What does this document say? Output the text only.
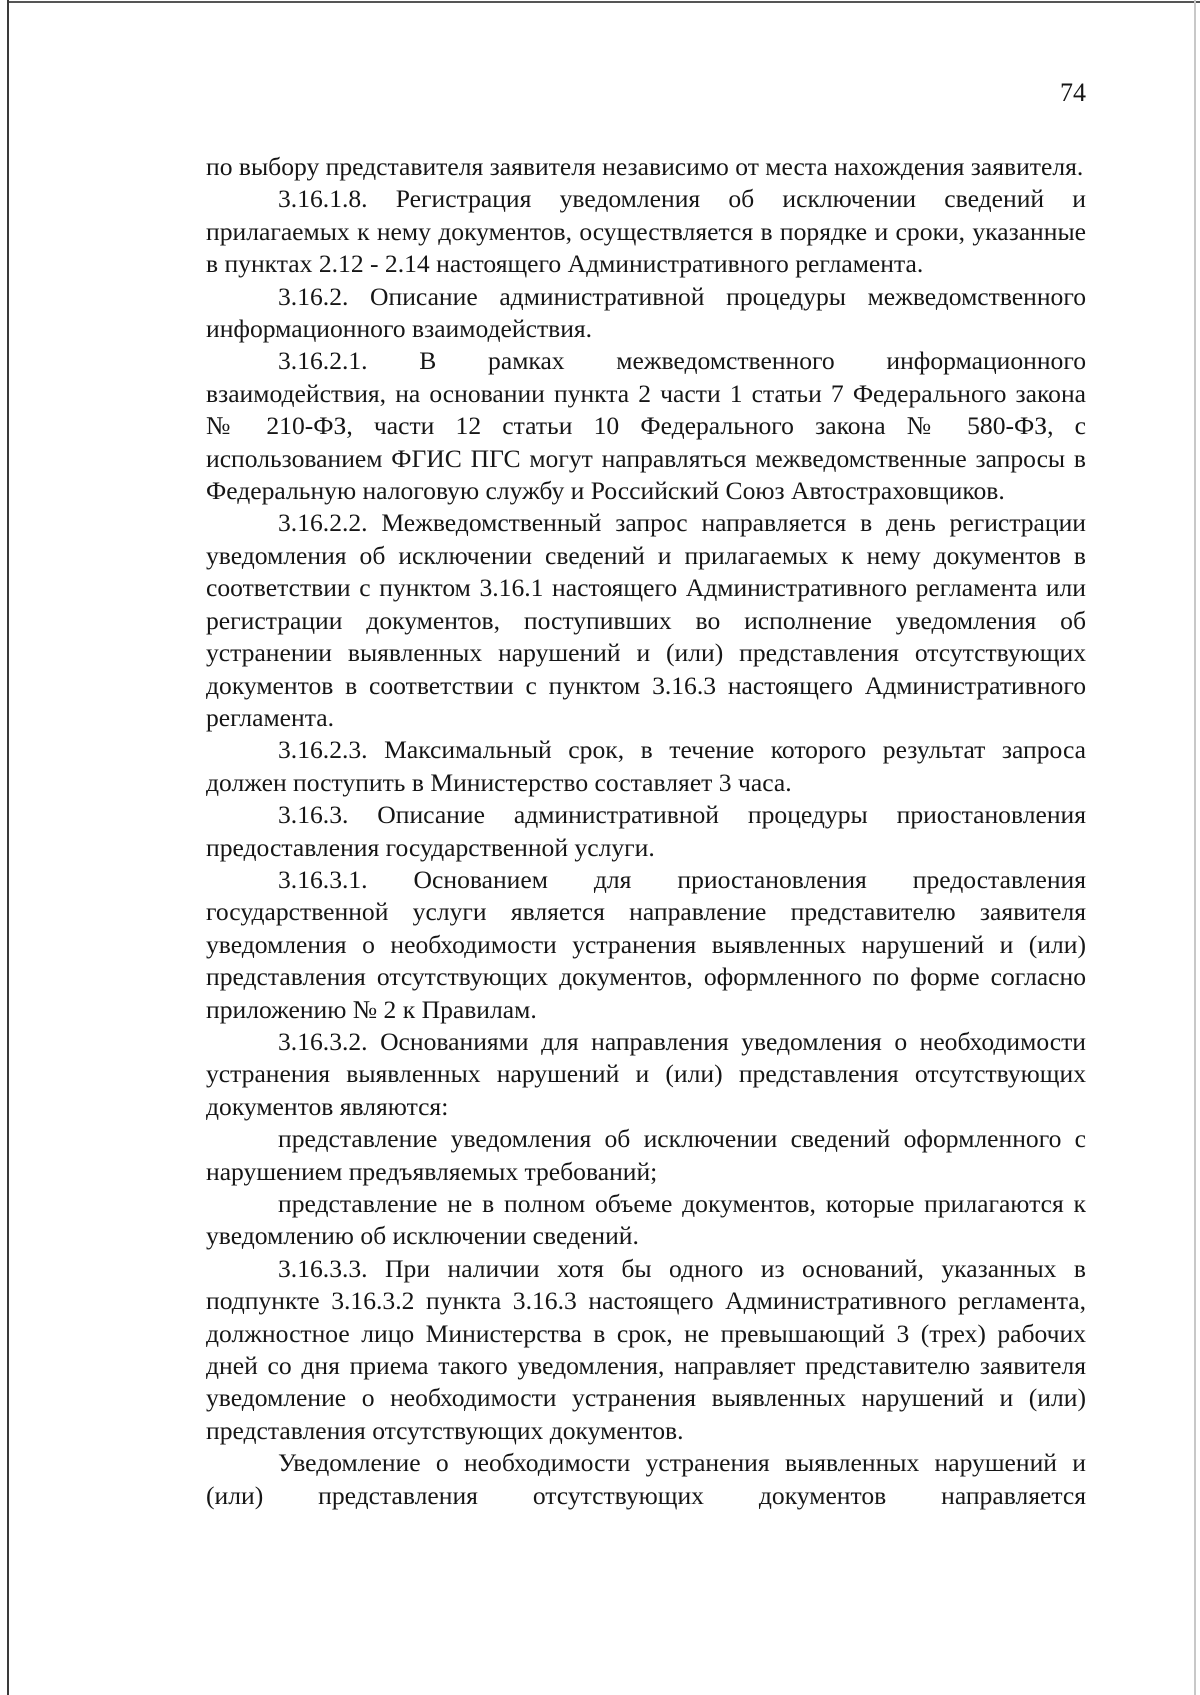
74

по выбору представителя заявителя независимо от места нахождения заявителя.

3.16.1.8. Регистрация уведомления об исключении сведений и прилагаемых к нему документов, осуществляется в порядке и сроки, указанные в пунктах 2.12 - 2.14 настоящего Административного регламента.

3.16.2. Описание административной процедуры межведомственного информационного взаимодействия.

3.16.2.1. В рамках межведомственного информационного взаимодействия, на основании пункта 2 части 1 статьи 7 Федерального закона № 210-ФЗ, части 12 статьи 10 Федерального закона № 580-ФЗ, с использованием ФГИС ПГС могут направляться межведомственные запросы в Федеральную налоговую службу и Российский Союз Автостраховщиков.

3.16.2.2. Межведомственный запрос направляется в день регистрации уведомления об исключении сведений и прилагаемых к нему документов в соответствии с пунктом 3.16.1 настоящего Административного регламента или регистрации документов, поступивших во исполнение уведомления об устранении выявленных нарушений и (или) представления отсутствующих документов в соответствии с пунктом 3.16.3 настоящего Административного регламента.

3.16.2.3. Максимальный срок, в течение которого результат запроса должен поступить в Министерство составляет 3 часа.

3.16.3. Описание административной процедуры приостановления предоставления государственной услуги.

3.16.3.1. Основанием для приостановления предоставления государственной услуги является направление представителю заявителя уведомления о необходимости устранения выявленных нарушений и (или) представления отсутствующих документов, оформленного по форме согласно приложению № 2 к Правилам.

3.16.3.2. Основаниями для направления уведомления о необходимости устранения выявленных нарушений и (или) представления отсутствующих документов являются:

представление уведомления об исключении сведений оформленного с нарушением предъявляемых требований;

представление не в полном объеме документов, которые прилагаются к уведомлению об исключении сведений.

3.16.3.3. При наличии хотя бы одного из оснований, указанных в подпункте 3.16.3.2 пункта 3.16.3 настоящего Административного регламента, должностное лицо Министерства в срок, не превышающий 3 (трех) рабочих дней со дня приема такого уведомления, направляет представителю заявителя уведомление о необходимости устранения выявленных нарушений и (или) представления отсутствующих документов.

Уведомление о необходимости устранения выявленных нарушений и (или) представления отсутствующих документов направляется
